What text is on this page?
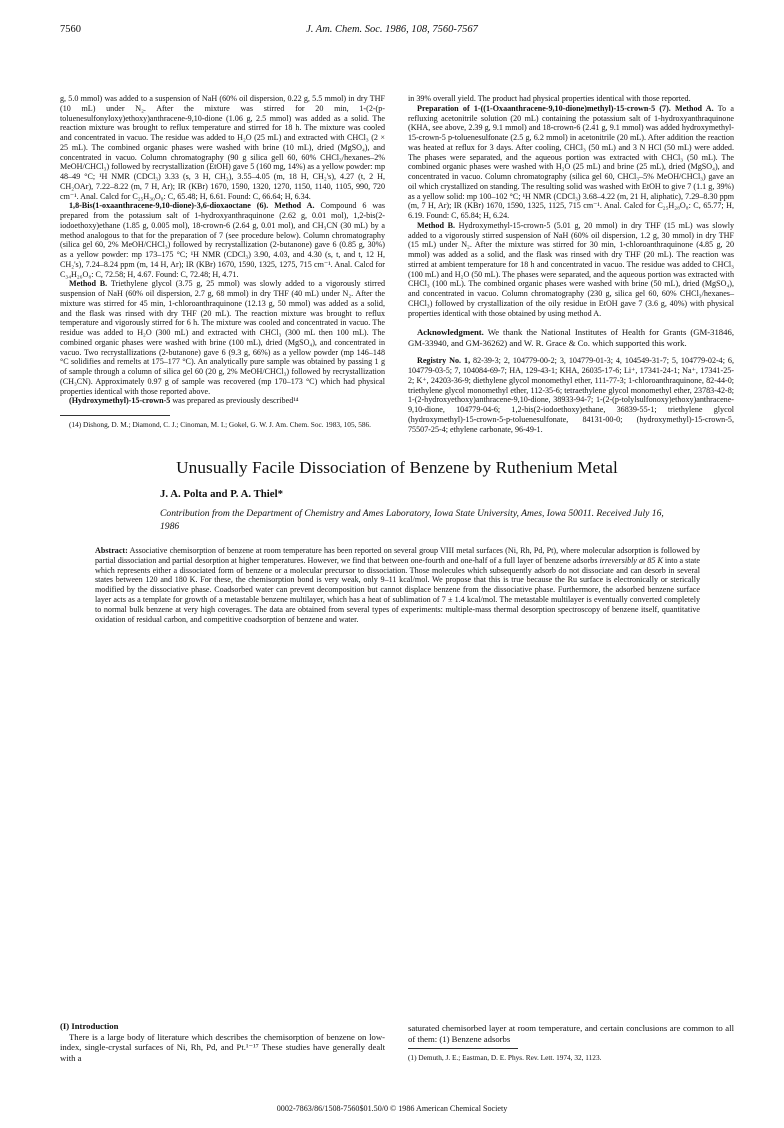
7560	J. Am. Chem. Soc. 1986, 108, 7560-7567

g, 5.0 mmol) was added to a suspension of NaH (60% oil dispersion, 0.22 g, 5.5 mmol) in dry THF (10 mL) under N₂. After the mixture was stirred for 20 min, 1-(2-(p-toluenesulfonyloxy)ethoxy)anthracene-9,10-dione (1.06 g, 2.5 mmol) was added as a solid. The reaction mixture was brought to reflux temperature and stirred for 18 h. The mixture was cooled and concentrated in vacuo. The residue was added to H₂O (25 mL) and extracted with CHCl₃ (2 × 25 mL). The combined organic phases were washed with brine (10 mL), dried (MgSO₄), and concentrated in vacuo. Column chromatography (90 g silica gell 60, 60% CHCl₃/hexanes–2% MeOH/CHCl₃) followed by recrystallization (EtOH) gave 5 (160 mg, 14%) as a yellow powder: mp 48–49 °C; ¹H NMR (CDCl₃) 3.33 (s, 3 H, CH₃), 3.55–4.05 (m, 18 H, CH₂'s), 4.27 (t, 2 H, CH₂OAr), 7.22–8.22 (m, 7 H, Ar); IR (KBr) 1670, 1590, 1320, 1270, 1150, 1140, 1105, 990, 720 cm⁻¹. Anal. Calcd for C₂₅H₃₀O₈: C, 65.48; H, 6.61. Found: C, 66.64; H, 6.34.

1,8-Bis(1-oxaanthracene-9,10-dione)-3,6-dioxaoctane (6). Method A. Compound 6 was prepared from the potassium salt of 1-hydroxyanthraquinone (2.62 g, 0.01 mol), 1,2-bis(2-iodoethoxy)ethane (1.85 g, 0.005 mol), 18-crown-6 (2.64 g, 0.01 mol), and CH₃CN (30 mL) by a method analogous to that for the preparation of 7 (see procedure below). Column chromatography (silica gel 60, 2% MeOH/CHCl₃) followed by recrystallization (2-butanone) gave 6 (0.85 g, 30%) as a yellow powder: mp 173–175 °C; ¹H NMR (CDCl₃) 3.90, 4.03, and 4.30 (s, t, and t, 12 H, CH₂'s), 7.24–8.24 ppm (m, 14 H, Ar); IR (KBr) 1670, 1590, 1325, 1275, 715 cm⁻¹. Anal. Calcd for C₃₄H₂₆O₈: C, 72.58; H, 4.67. Found: C, 72.48; H, 4.71.

Method B. Triethylene glycol (3.75 g, 25 mmol) was slowly added to a vigorously stirred suspension of NaH (60% oil dispersion, 2.7 g, 68 mmol) in dry THF (40 mL) under N₂. After the mixture was stirred for 45 min, 1-chloroanthraquinone (12.13 g, 50 mmol) was added as a solid, and the flask was rinsed with dry THF (20 mL). The reaction mixture was brought to reflux temperature and vigorously stirred for 6 h. The mixture was cooled and concentrated in vacuo. The residue was added to H₂O (300 mL) and extracted with CHCl₃ (300 mL then 100 mL). The combined organic phases were washed with brine (100 mL), dried (MgSO₄), and concentrated in vacuo. Two recrystallizations (2-butanone) gave 6 (9.3 g, 66%) as a yellow powder (mp 146–148 °C solidifies and remelts at 175–177 °C). An analytically pure sample was obtained by passing 1 g of sample through a column of silica gel 60 (20 g, 2% MeOH/CHCl₃) followed by recrystallization (CH₃CN). Approximately 0.97 g of sample was recovered (mp 170–173 °C) which had physical properties identical with those reported above.

(Hydroxymethyl)-15-crown-5 was prepared as previously described¹⁴

(14) Dishong, D. M.; Diamond, C. J.; Cinoman, M. I.; Gokel, G. W. J. Am. Chem. Soc. 1983, 105, 586.

in 39% overall yield. The product had physical properties identical with those reported.

Preparation of 1-((1-Oxaanthracene-9,10-dione)methyl)-15-crown-5 (7). Method A. To a refluxing acetonitrile solution (20 mL) containing the potassium salt of 1-hydroxyanthraquinone (KHA, see above, 2.39 g, 9.1 mmol) and 18-crown-6 (2.41 g, 9.1 mmol) was added hydroxymethyl-15-crown-5 p-toluenesulfonate (2.5 g, 6.2 mmol) in acetonitrile (20 mL). After addition the reaction was heated at reflux for 3 days. After cooling, CHCl₃ (50 mL) and 3 N HCl (50 mL) were added. The phases were separated, and the aqueous portion was extracted with CHCl₃ (50 mL). The combined organic phases were washed with H₂O (25 mL) and brine (25 mL), dried (MgSO₄), and concentrated in vacuo. Column chromatography (silica gel 60, CHCl₃–5% MeOH/CHCl₃) gave an oil which crystallized on standing. The resulting solid was washed with EtOH to give 7 (1.1 g, 39%) as a yellow solid: mp 100–102 °C; ¹H NMR (CDCl₃) 3.68–4.22 (m, 21 H, aliphatic), 7.29–8.30 ppm (m, 7 H, Ar); IR (KBr) 1670, 1590, 1325, 1125, 715 cm⁻¹. Anal. Calcd for C₂₅H₂₈O₈: C, 65.77; H, 6.19. Found: C, 65.84; H, 6.24.

Method B. Hydroxymethyl-15-crown-5 (5.01 g, 20 mmol) in dry THF (15 mL) was slowly added to a vigorously stirred suspension of NaH (60% oil dispersion, 1.2 g, 30 mmol) in dry THF (15 mL) under N₂. After the mixture was stirred for 30 min, 1-chloroanthraquinone (4.85 g, 20 mmol) was added as a solid, and the flask was rinsed with dry THF (20 mL). The reaction was stirred at ambient temperature for 18 h and concentrated in vacuo. The residue was added to CHCl₃ (100 mL) and H₂O (50 mL). The phases were separated, and the aqueous portion was extracted with CHCl₃ (100 mL). The combined organic phases were washed with brine (50 mL), dried (MgSO₄), and concentrated in vacuo. Column chromatography (230 g, silica gel 60, 60% CHCl₃/hexanes–CHCl₃) followed by crystallization of the oily residue in EtOH gave 7 (3.6 g, 40%) with physical properties identical with those obtained by using method A.

Acknowledgment. We thank the National Institutes of Health for Grants (GM-31846, GM-33940, and GM-36262) and W. R. Grace & Co. which supported this work.

Registry No. 1, 82-39-3; 2, 104779-00-2; 3, 104779-01-3; 4, 104549-31-7; 5, 104779-02-4; 6, 104779-03-5; 7, 104084-69-7; HA, 129-43-1; KHA, 26035-17-6; Li⁺, 17341-24-1; Na⁺, 17341-25-2; K⁺, 24203-36-9; diethylene glycol monomethyl ether, 111-77-3; 1-chloroanthraquinone, 82-44-0; triethylene glycol monomethyl ether, 112-35-6; tetraethylene glycol monomethyl ether, 23783-42-8; 1-(2-hydroxyethoxy)anthracene-9,10-dione, 38933-94-7; 1-(2-(p-tolylsulfonoxy)ethoxy)anthracene-9,10-dione, 104779-04-6; 1,2-bis(2-iodoethoxy)ethane, 36839-55-1; triethylene glycol (hydroxymethyl)-15-crown-5-p-toluenesulfonate, 84131-00-0; (hydroxymethyl)-15-crown-5, 75507-25-4; ethylene carbonate, 96-49-1.

Unusually Facile Dissociation of Benzene by Ruthenium Metal
J. A. Polta and P. A. Thiel*
Contribution from the Department of Chemistry and Ames Laboratory, Iowa State University, Ames, Iowa 50011. Received July 16, 1986
Abstract: Associative chemisorption of benzene at room temperature has been reported on several group VIII metal surfaces (Ni, Rh, Pd, Pt), where molecular adsorption is followed by partial dissociation and partial desorption at higher temperatures. However, we find that between one-fourth and one-half of a full layer of benzene adsorbs irreversibly at 85 K into a state which represents either a dissociated form of benzene or a molecular precursor to dissociation. Those molecules which subsequently adsorb do not dissociate and can desorb in several states between 120 and 180 K. For these, the chemisorption bond is very weak, only 9–11 kcal/mol. We propose that this is true because the Ru surface is electronically or sterically modified by the dissociative phase. Coadsorbed water can prevent decomposition but cannot displace benzene from the dissociative phase. Furthermore, the adsorbed benzene surface layer acts as a template for growth of a metastable benzene multilayer, which has a heat of sublimation of 7 ± 1.4 kcal/mol. The metastable multilayer is eventually converted completely to normal bulk benzene at very high coverages. The data are obtained from several types of experiments: multiple-mass thermal desorption spectroscopy of benzene itself, quantitative oxidation of residual carbon, and competitive coadsorption of benzene and water.
(I) Introduction

There is a large body of literature which describes the chemisorption of benzene on low-index, single-crystal surfaces of Ni, Rh, Pd, and Pt.¹⁻¹⁷ These studies have generally dealt with a

saturated chemisorbed layer at room temperature, and certain conclusions are common to all of them: (1) Benzene adsorbs

(1) Demuth, J. E.; Eastman, D. E. Phys. Rev. Lett. 1974, 32, 1123.
0002-7863/86/1508-7560$01.50/0 © 1986 American Chemical Society
